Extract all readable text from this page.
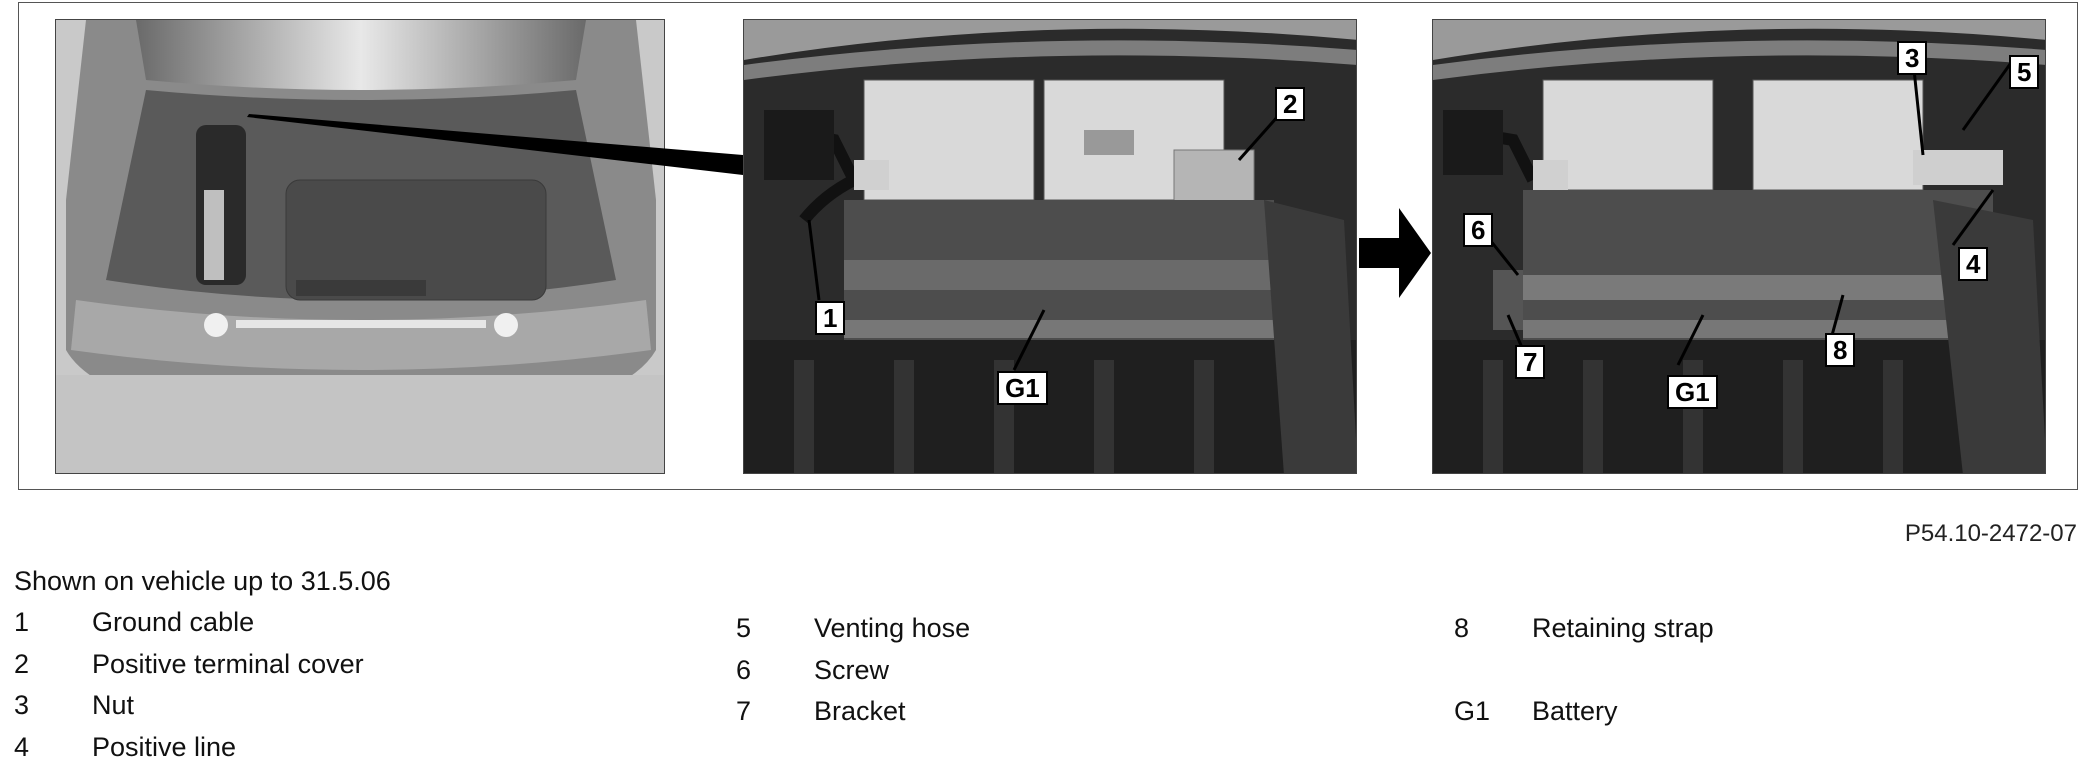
2
1
G1
3	5
4
6
7	8
G1
P54.10-2472-07
Shown on vehicle up to 31.5.06
1 Ground cable
2 Positive terminal cover
3 Nut
4 Positive line
5 Venting hose
6 Screw
7 Bracket
8 Retaining strap
G1 Battery
